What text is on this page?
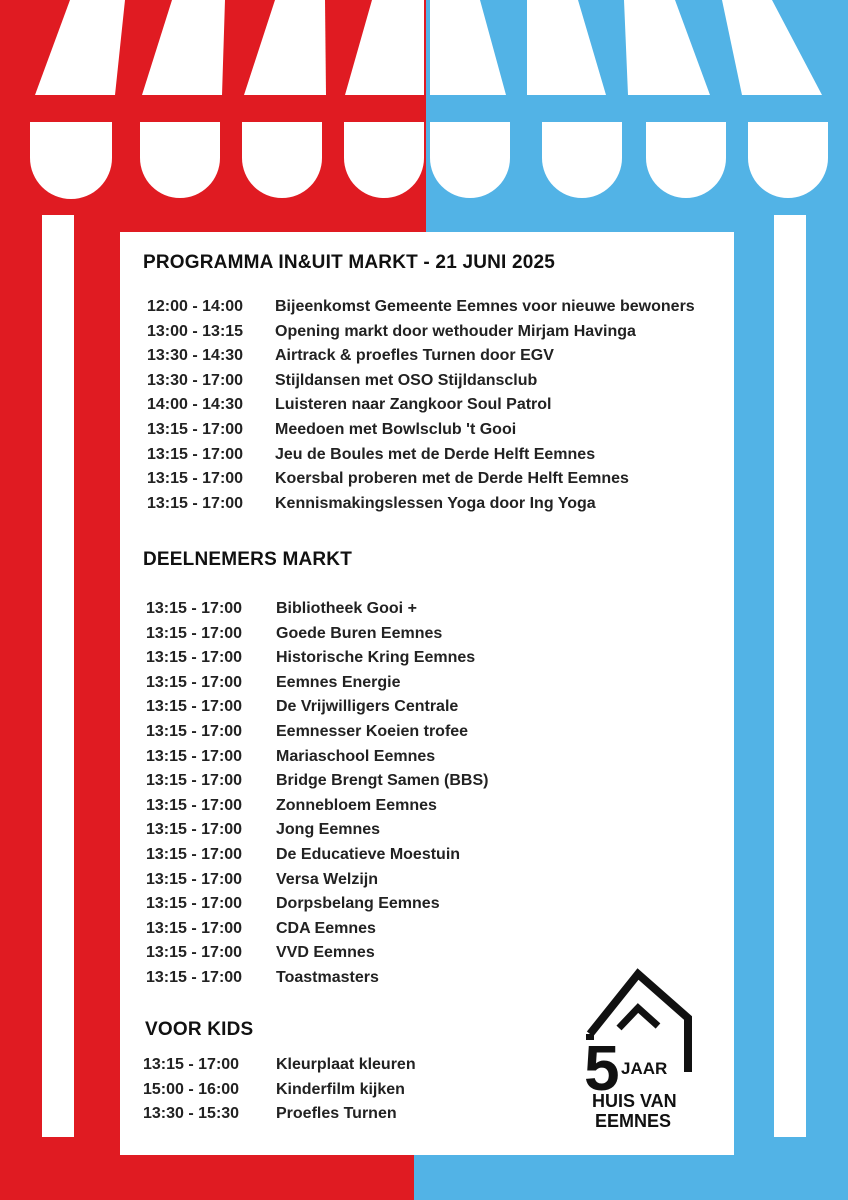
PROGRAMMA IN&UIT MARKT - 21 JUNI 2025
12:00 - 14:00 Bijeenkomst Gemeente Eemnes voor nieuwe bewoners
13:00 - 13:15 Opening markt door wethouder Mirjam Havinga
13:30 - 14:30 Airtrack & proefles Turnen door EGV
13:30 - 17:00 Stijldansen met OSO Stijldansclub
14:00 - 14:30 Luisteren naar Zangkoor Soul Patrol
13:15 - 17:00 Meedoen met Bowlsclub 't Gooi
13:15 - 17:00 Jeu de Boules met de Derde Helft Eemnes
13:15 - 17:00 Koersbal proberen met de Derde Helft Eemnes
13:15 - 17:00 Kennismakingslessen Yoga door Ing Yoga
DEELNEMERS MARKT
13:15 - 17:00 Bibliotheek Gooi +
13:15 - 17:00 Goede Buren Eemnes
13:15 - 17:00 Historische Kring Eemnes
13:15 - 17:00 Eemnes Energie
13:15 - 17:00 De Vrijwilligers Centrale
13:15 - 17:00 Eemnesser Koeien trofee
13:15 - 17:00 Mariaschool Eemnes
13:15 - 17:00 Bridge Brengt Samen (BBS)
13:15 - 17:00 Zonnebloem Eemnes
13:15 - 17:00 Jong Eemnes
13:15 - 17:00 De Educatieve Moestuin
13:15 - 17:00 Versa Welzijn
13:15 - 17:00 Dorpsbelang Eemnes
13:15 - 17:00 CDA Eemnes
13:15 - 17:00 VVD Eemnes
13:15 - 17:00 Toastmasters
VOOR KIDS
13:15 - 17:00 Kleurplaat kleuren
15:00 - 16:00 Kinderfilm kijken
13:30 - 15:30 Proefles Turnen
5 JAAR
HUIS VAN
EEMNES
